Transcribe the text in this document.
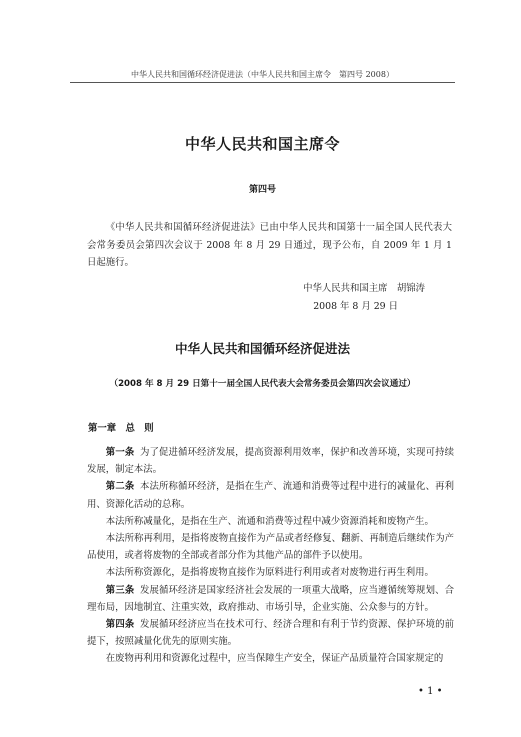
中华人民共和国循环经济促进法（中华人民共和国主席令　第四号 2008）
中华人民共和国主席令
第四号

《中华人民共和国循环经济促进法》已由中华人民共和国第十一届全国人民代表大会常务委员会第四次会议于 2008 年 8 月 29 日通过，现予公布，自 2009 年 1 月 1 日起施行。

中华人民共和国主席　胡锦涛
2008 年 8 月 29 日
中华人民共和国循环经济促进法
（2008 年 8 月 29 日第十一届全国人民代表大会常务委员会第四次会议通过）
第一章　总　则

第一条 为了促进循环经济发展，提高资源利用效率，保护和改善环境，实现可持续发展，制定本法。

第二条 本法所称循环经济，是指在生产、流通和消费等过程中进行的减量化、再利用、资源化活动的总称。

本法所称减量化，是指在生产、流通和消费等过程中减少资源消耗和废物产生。

本法所称再利用，是指将废物直接作为产品或者经修复、翻新、再制造后继续作为产品使用，或者将废物的全部或者部分作为其他产品的部件予以使用。

本法所称资源化，是指将废物直接作为原料进行利用或者对废物进行再生利用。

第三条 发展循环经济是国家经济社会发展的一项重大战略，应当遵循统筹规划、合理布局，因地制宜、注重实效，政府推动、市场引导，企业实施、公众参与的方针。

第四条 发展循环经济应当在技术可行、经济合理和有利于节约资源、保护环境的前提下，按照减量化优先的原则实施。

在废物再利用和资源化过程中，应当保障生产安全，保证产品质量符合国家规定的

• 1 •
